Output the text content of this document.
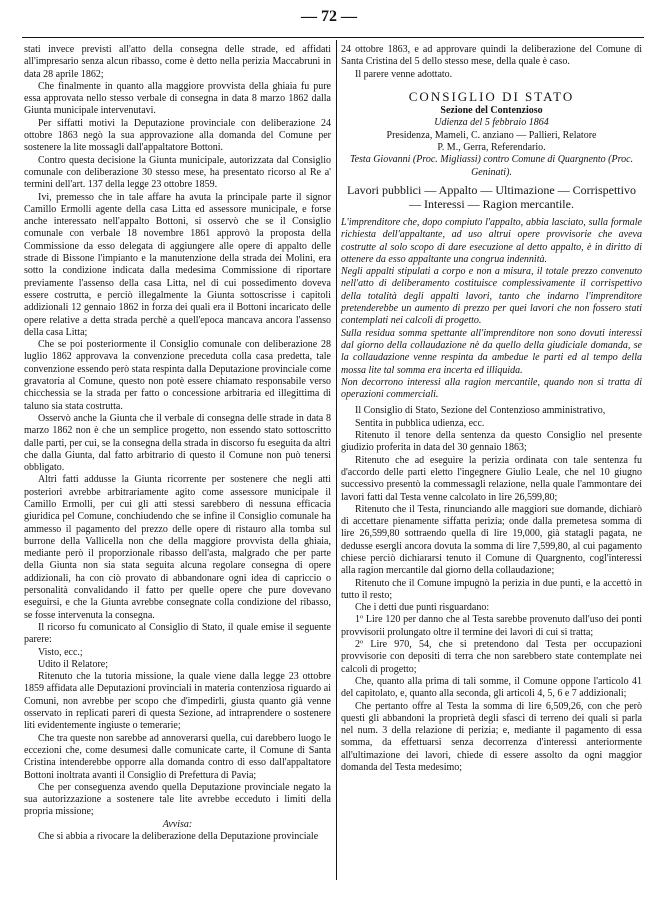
— 72 —

stati invece previsti all'atto della consegna delle strade, ed affidati all'impresario senza alcun ribasso, come è detto nella perizia Maccabruni in data 28 aprile 1862;

Che finalmente in quanto alla maggiore provvista della ghiaia fu pure essa approvata nello stesso verbale di consegna in data 8 marzo 1862 dalla Giunta municipale intervenutavi.

Per siffatti motivi la Deputazione provinciale con deliberazione 24 ottobre 1863 negò la sua approvazione alla domanda del Comune per sostenere la lite mossagli dall'appaltatore Bottoni.

Contro questa decisione la Giunta municipale, autorizzata dal Consiglio comunale con deliberazione 30 stesso mese, ha presentato ricorso al Re a' termini dell'art. 137 della legge 23 ottobre 1859.

Ivi, premesso che in tale affare ha avuta la principale parte il signor Camillo Ermolli agente della casa Litta ed assessore municipale, e forse anche interessato nell'appalto Bottoni, si osservò che se il Consiglio comunale con verbale 18 novembre 1861 approvò la proposta della Commissione da esso delegata di aggiungere alle opere di appalto delle strade di Bissone l'impianto e la manutenzione della strada dei Molini, era sotto la condizione indicata dalla medesima Commissione di riportare previamente l'assenso della casa Litta, nel di cui possedimento doveva essere costrutta, e perciò illegalmente la Giunta sottoscrisse i capitoli addizionali 12 gennaio 1862 in forza dei quali era il Bottoni incaricato delle opere relative a detta strada perchè a quell'epoca mancava ancora l'assenso della casa Litta;

Che se poi posteriormente il Consiglio comunale con deliberazione 28 luglio 1862 approvava la convenzione preceduta colla casa predetta, tale convenzione essendo però stata respinta dalla Deputazione provinciale come gravatoria al Comune, questo non potè essere chiamato responsabile verso chicchessia se la strada per fatto o concessione arbitraria ed illegittima di taluno sia stata costrutta.

Osservò anche la Giunta che il verbale di consegna delle strade in data 8 marzo 1862 non è che un semplice progetto, non essendo stato sottoscritto dalle parti, per cui, se la consegna della strada in discorso fu eseguita da altri che dalla Giunta, dal fatto arbitrario di questo il Comune non può tenersi obbligato.

Altri fatti addusse la Giunta ricorrente per sostenere che negli atti posteriori avrebbe arbitrariamente agito come assessore municipale il Camillo Ermolli, per cui gli atti stessi sarebbero di nessuna efficacia giuridica pel Comune, conchiudendo che se infine il Consiglio comunale ha ammesso il pagamento del prezzo delle opere di ristauro alla tomba sul burrone della Vallicella non che della maggiore provvista della ghiaia, mediante però il proporzionale ribasso dell'asta, malgrado che per parte della Giunta non sia stata seguita alcuna regolare consegna di opere addizionali, ha con ciò provato di abbandonare ogni idea di capriccio o personalità convalidando il fatto per quelle opere che pure dovevano eseguirsi, e che la Giunta avrebbe consegnate colla condizione del ribasso, se fosse intervenuta la consegna.

Il ricorso fu comunicato al Consiglio di Stato, il quale emise il seguente parere:

Visto, ecc.;

Udito il Relatore;

Ritenuto che la tutoria missione, la quale viene dalla legge 23 ottobre 1859 affidata alle Deputazioni provinciali in materia contenziosa riguardo ai Comuni, non avrebbe per scopo che d'impedirli, giusta quanto già venne osservato in replicati pareri di questa Sezione, ad intraprendere o sostenere liti evidentemente ingiuste o temerarie;

Che tra queste non sarebbe ad annoverarsi quella, cui darebbero luogo le eccezioni che, come desumesi dalle comunicate carte, il Comune di Santa Cristina intenderebbe opporre alla domanda contro di esso dall'appaltatore Bottoni inoltrata avanti il Consiglio di Prefettura di Pavia;

Che per conseguenza avendo quella Deputazione provinciale negato la sua autorizzazione a sostenere tale lite avrebbe ecceduto i limiti della propria missione;

Avvisa:

Che si abbia a rivocare la deliberazione della Deputazione provinciale

24 ottobre 1863, e ad approvare quindi la deliberazione del Comune di Santa Cristina del 5 dello stesso mese, della quale è caso.

Il parere venne adottato.

CONSIGLIO DI STATO

Sezione del Contenzioso

Udienza del 5 febbraio 1864

Presidenza, Mameli, C. anziano — Pallieri, Relatore

P. M., Gerra, Referendario.

Testa Giovanni (Proc. Migliassi) contro Comune di Quargnento (Proc. Geninati).

Lavori pubblici — Appalto — Ultimazione — Corrispettivo — Interessi — Ragion mercantile.

L'imprenditore che, dopo compiuto l'appalto, abbia lasciato, sulla formale richiesta dell'appaltante, ad uso altrui opere provvisorie che aveva costrutte al solo scopo di dare esecuzione al detto appalto, è in diritto di ottenere da esso appaltante una congrua indennità.

Negli appalti stipulati a corpo e non a misura, il totale prezzo convenuto nell'atto di deliberamento costituisce complessivamente il corrispettivo della totalità degli appalti lavori, tanto che indarno l'imprenditore pretenderebbe un aumento di prezzo per quei lavori che non fossero stati contemplati nei calcoli di progetto.

Sulla residua somma spettante all'imprenditore non sono dovuti interessi dal giorno della collaudazione nè da quello della giudiciale domanda, se la collaudazione venne respinta da ambedue le parti ed al tempo della mossa lite tal somma era incerta ed illiquida.

Non decorrono interessi alla ragion mercantile, quando non si tratta di operazioni commerciali.

Il Consiglio di Stato, Sezione del Contenzioso amministrativo,

Sentita in pubblica udienza, ecc.

Ritenuto il tenore della sentenza da questo Consiglio nel presente giudizio proferita in data del 30 gennaio 1863;

Ritenuto che ad eseguire la perizia ordinata con tale sentenza fu d'accordo delle parti eletto l'ingegnere Giulio Leale, che nel 10 giugno successivo presentò la commessagli relazione, nella quale l'ammontare dei lavori fatti dal Testa venne calcolato in lire 26,599,80;

Ritenuto che il Testa, rinunciando alle maggiori sue domande, dichiarò di accettare pienamente siffatta perizia; onde dalla premetesa somma di lire 26,599,80 sottraendo quella di lire 19,000, già statagli pagata, ne dedusse esergli ancora dovuta la somma di lire 7,599,80, al cui pagamento chiese perciò dichiararsi tenuto il Comune di Quargnento, cogl'interessi alla ragion mercantile dal giorno della collaudazione;

Ritenuto che il Comune impugnò la perizia in due punti, e la accettò in tutto il resto;

Che i detti due punti risguardano:

1º Lire 120 per danno che al Testa sarebbe provenuto dall'uso dei ponti provvisorii prolungato oltre il termine dei lavori di cui si tratta;

2º Lire 970, 54, che si pretendono dal Testa per occupazioni provvisorie con depositi di terra che non sarebbero state contemplate nei calcoli di progetto;

Che, quanto alla prima di tali somme, il Comune oppone l'articolo 41 del capitolato, e, quanto alla seconda, gli articoli 4, 5, 6 e 7 addizionali;

Che pertanto offre al Testa la somma di lire 6,509,26, con che però questi gli abbandoni la proprietà degli sfasci di terreno dei quali si parla nel num. 3 della relazione di perizia; e, mediante il pagamento di essa somma, da effettuarsi senza decorrenza d'interessi anteriormente all'ultimazione dei lavori, chiede di essere assolto da ogni maggior domanda del Testa medesimo;
